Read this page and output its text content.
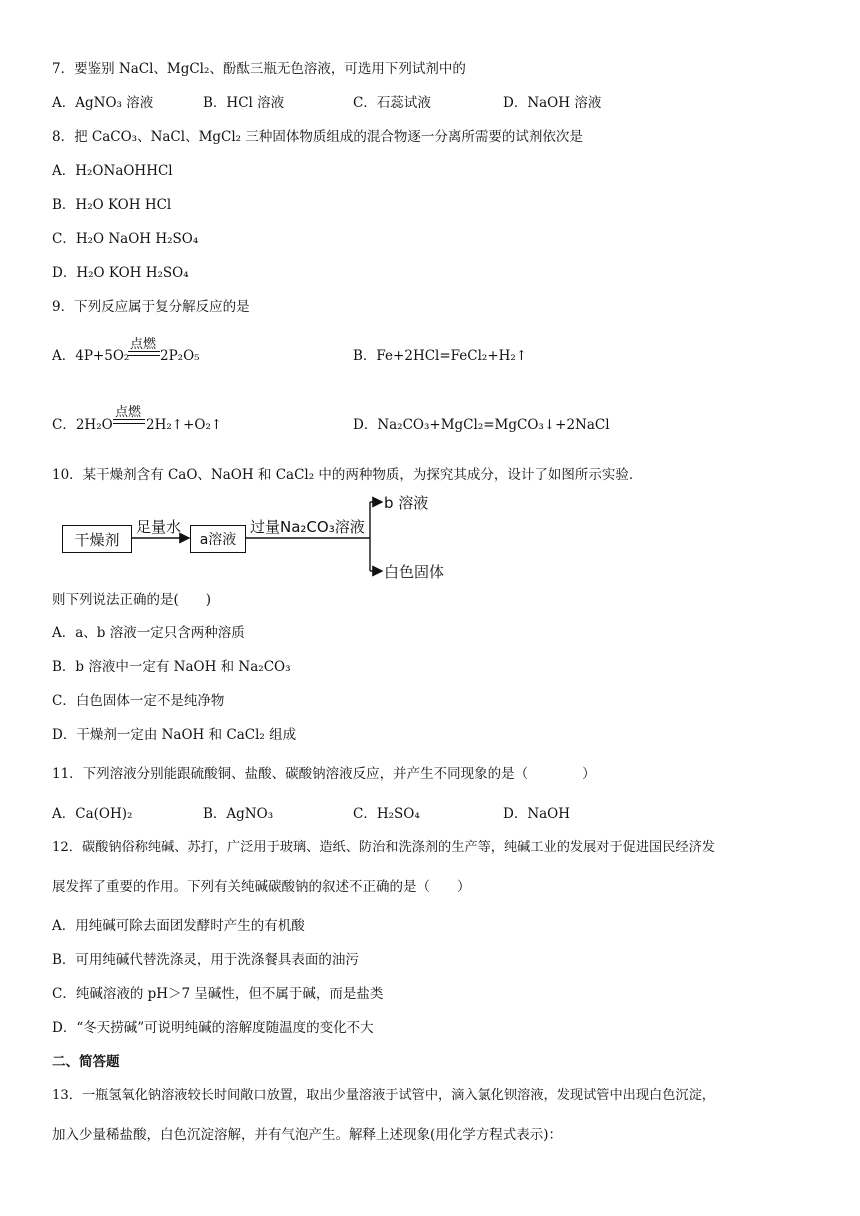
7．要鉴别 NaCl、MgCl₂、酚酞三瓶无色溶液，可选用下列试剂中的
A．AgNO₃ 溶液	B．HCl 溶液	C．石蕊试液	D．NaOH 溶液
8．把 CaCO₃、NaCl、MgCl₂ 三种固体物质组成的混合物逐一分离所需要的试剂依次是
A．H₂ONaOHHCl
B．H₂O KOH HCl
C．H₂O NaOH H₂SO₄
D．H₂O KOH H₂SO₄
9．下列反应属于复分解反应的是
A．4P+5O₂
点燃
2P₂O₅	B．Fe+2HCl=FeCl₂+H₂↑
C．2H₂O
点燃
2H₂↑+O₂↑	D．Na₂CO₃+MgCl₂=MgCO₃↓+2NaCl
10．某干燥剂含有 CaO、NaOH 和 CaCl₂ 中的两种物质，为探究其成分，设计了如图所示实验．
干燥剂
足量水
a溶液
过量Na₂CO₃溶液
b 溶液
白色固体
则下列说法正确的是(　　)
A．a、b 溶液一定只含两种溶质
B．b 溶液中一定有 NaOH 和 Na₂CO₃
C．白色固体一定不是纯净物
D．干燥剂一定由 NaOH 和 CaCl₂ 组成
11．下列溶液分别能跟硫酸铜、盐酸、碳酸钠溶液反应，并产生不同现象的是（　　　　）
A．Ca(OH)₂	B．AgNO₃	C．H₂SO₄	D．NaOH
12．碳酸钠俗称纯碱、苏打，广泛用于玻璃、造纸、防治和洗涤剂的生产等，纯碱工业的发展对于促进国民经济发
展发挥了重要的作用。下列有关纯碱碳酸钠的叙述不正确的是（　　）
A．用纯碱可除去面团发酵时产生的有机酸
B．可用纯碱代替洗涤灵，用于洗涤餐具表面的油污
C．纯碱溶液的 pH＞7 呈碱性，但不属于碱，而是盐类
D．“冬天捞碱”可说明纯碱的溶解度随温度的变化不大
二、简答题
13．一瓶氢氧化钠溶液较长时间敞口放置，取出少量溶液于试管中，滴入氯化钡溶液，发现试管中出现白色沉淀，
加入少量稀盐酸，白色沉淀溶解，并有气泡产生。解释上述现象(用化学方程式表示)：
